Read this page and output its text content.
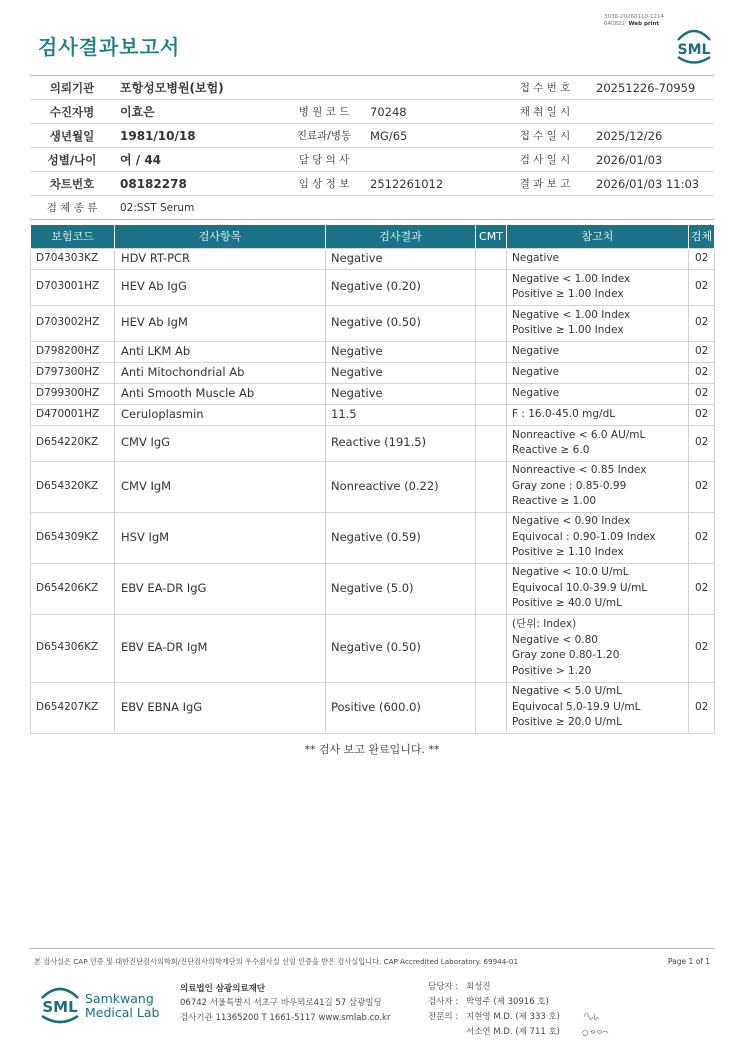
3036-20260110-1214
040822 Web print
검사결과보고서	SML
의뢰기관	포항성모병원(보험)			접 수 번 호	20251226-70959
수진자명	이효은	병 원 코 드	70248	채 취 일 시	
생년월일	1981/10/18	진료과/병동	MG/65	접 수 일 시	2025/12/26
성별/나이	여 / 44	담 당 의 사		검 사 일 시	2026/01/03
차트번호	08182278	임 상 정 보	2512261012	결 과 보 고	2026/01/03 11:03
검 체 종 류	02:SST Serum				
보험코드	검사항목	검사결과	CMT	참고치	검체
D704303KZ	HDV RT-PCR	Negative		Negative	02
D703001HZ	HEV Ab IgG	Negative (0.20)		Negative < 1.00 Index
Positive ≥ 1.00 Index	02
D703002HZ	HEV Ab IgM	Negative (0.50)		Negative < 1.00 Index
Positive ≥ 1.00 Index	02
D798200HZ	Anti LKM Ab	Negative		Negative	02
D797300HZ	Anti Mitochondrial Ab	Negative		Negative	02
D799300HZ	Anti Smooth Muscle Ab	Negative		Negative	02
D470001HZ	Ceruloplasmin	11.5		F : 16.0-45.0 mg/dL	02
D654220KZ	CMV IgG	Reactive (191.5)		Nonreactive < 6.0 AU/mL
Reactive ≥ 6.0	02
D654320KZ	CMV IgM	Nonreactive (0.22)		Nonreactive < 0.85 Index
Gray zone : 0.85-0.99
Reactive ≥ 1.00	02
D654309KZ	HSV IgM	Negative (0.59)		Negative < 0.90 Index
Equivocal : 0.90-1.09 Index
Positive ≥ 1.10 Index	02
D654206KZ	EBV EA-DR IgG	Negative (5.0)		Negative < 10.0 U/mL
Equivocal 10.0-39.9 U/mL
Positive ≥ 40.0 U/mL	02
D654306KZ	EBV EA-DR IgM	Negative (0.50)		(단위: Index)
Negative < 0.80
Gray zone 0.80-1.20
Positive > 1.20	02
D654207KZ	EBV EBNA IgG	Positive (600.0)		Negative < 5.0 U/mL
Equivocal 5.0-19.9 U/mL
Positive ≥ 20.0 U/mL	02
** 검사 보고 완료입니다. **
본 검사실은 CAP 인증 및 대한진단검사의학회/진단검사의학재단의 우수검사실 신임 인증을 받은 검사실입니다. CAP Accredited Laboratory. 69944-01	Page 1 of 1
SML Samkwang
Medical Lab
의료법인 삼광의료재단
06742 서울특별시 서초구 바우뫼로41길 57 삼광빌딩
검사기관 11365200 T 1661-5117 www.smlab.co.kr
담당자 : 최성진
검사자 : 박영주 (제 30916 호)
전문의 : 지현영 M.D. (제 333 호)
서소연 M.D. (제 711 호)
